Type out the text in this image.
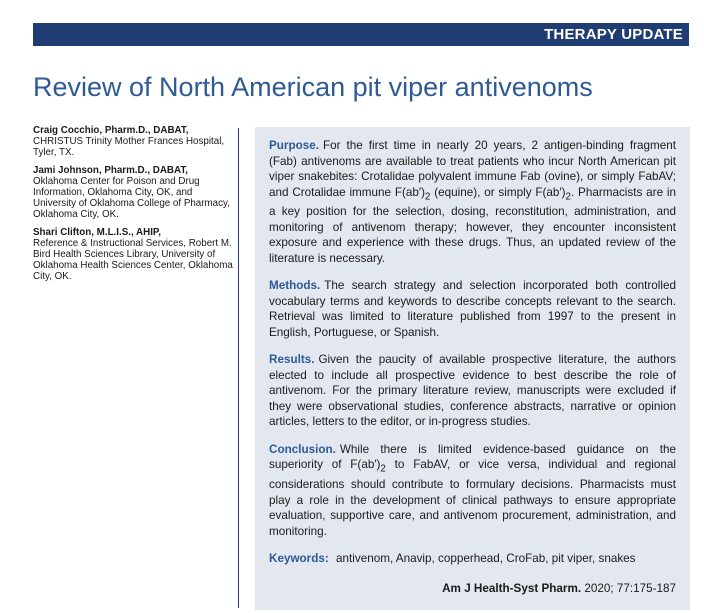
THERAPY UPDATE
Review of North American pit viper antivenoms
Craig Cocchio, Pharm.D., DABAT,
CHRISTUS Trinity Mother Frances Hospital, Tyler, TX.
Jami Johnson, Pharm.D., DABAT,
Oklahoma Center for Poison and Drug Information, Oklahoma City, OK, and University of Oklahoma College of Pharmacy, Oklahoma City, OK.
Shari Clifton, M.L.I.S., AHIP,
Reference & Instructional Services, Robert M. Bird Health Sciences Library, University of Oklahoma Health Sciences Center, Oklahoma City, OK.

Purpose. For the first time in nearly 20 years, 2 antigen-binding fragment (Fab) antivenoms are available to treat patients who incur North American pit viper snakebites: Crotalidae polyvalent immune Fab (ovine), or simply FabAV; and Crotalidae immune $F(ab')_2$ (equine), or simply $F(ab')_2$. Pharmacists are in a key position for the selection, dosing, reconstitution, administration, and monitoring of antivenom therapy; however, they encounter inconsistent exposure and experience with these drugs. Thus, an updated review of the literature is necessary.

Methods. The search strategy and selection incorporated both controlled vocabulary terms and keywords to describe concepts relevant to the search. Retrieval was limited to literature published from 1997 to the present in English, Portuguese, or Spanish.

Results. Given the paucity of available prospective literature, the authors elected to include all prospective evidence to best describe the role of antivenom. For the primary literature review, manuscripts were excluded if they were observational studies, conference abstracts, narrative or opinion articles, letters to the editor, or in-progress studies.

Conclusion. While there is limited evidence-based guidance on the superiority of $F(ab')_2$ to FabAV, or vice versa, individual and regional considerations should contribute to formulary decisions. Pharmacists must play a role in the development of clinical pathways to ensure appropriate evaluation, supportive care, and antivenom procurement, administration, and monitoring.

Keywords: antivenom, Anavip, copperhead, CroFab, pit viper, snakes

Am J Health-Syst Pharm. 2020; 77:175-187
